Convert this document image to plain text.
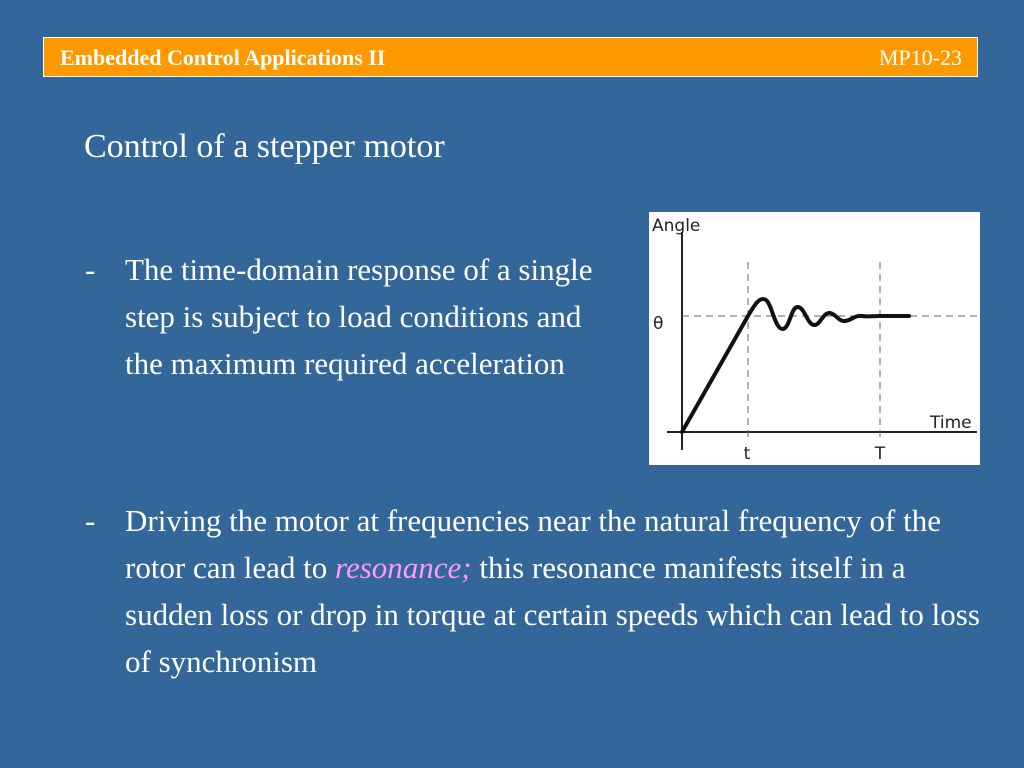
Embedded Control Applications II	MP10-23
Control of a stepper motor
- The time-domain response of a single step is subject to load conditions and the maximum required acceleration
Angle
Time
θ
t	T
- Driving the motor at frequencies near the natural frequency of the rotor can lead to resonance; this resonance manifests itself in a sudden loss or drop in torque at certain speeds which can lead to loss of synchronism
